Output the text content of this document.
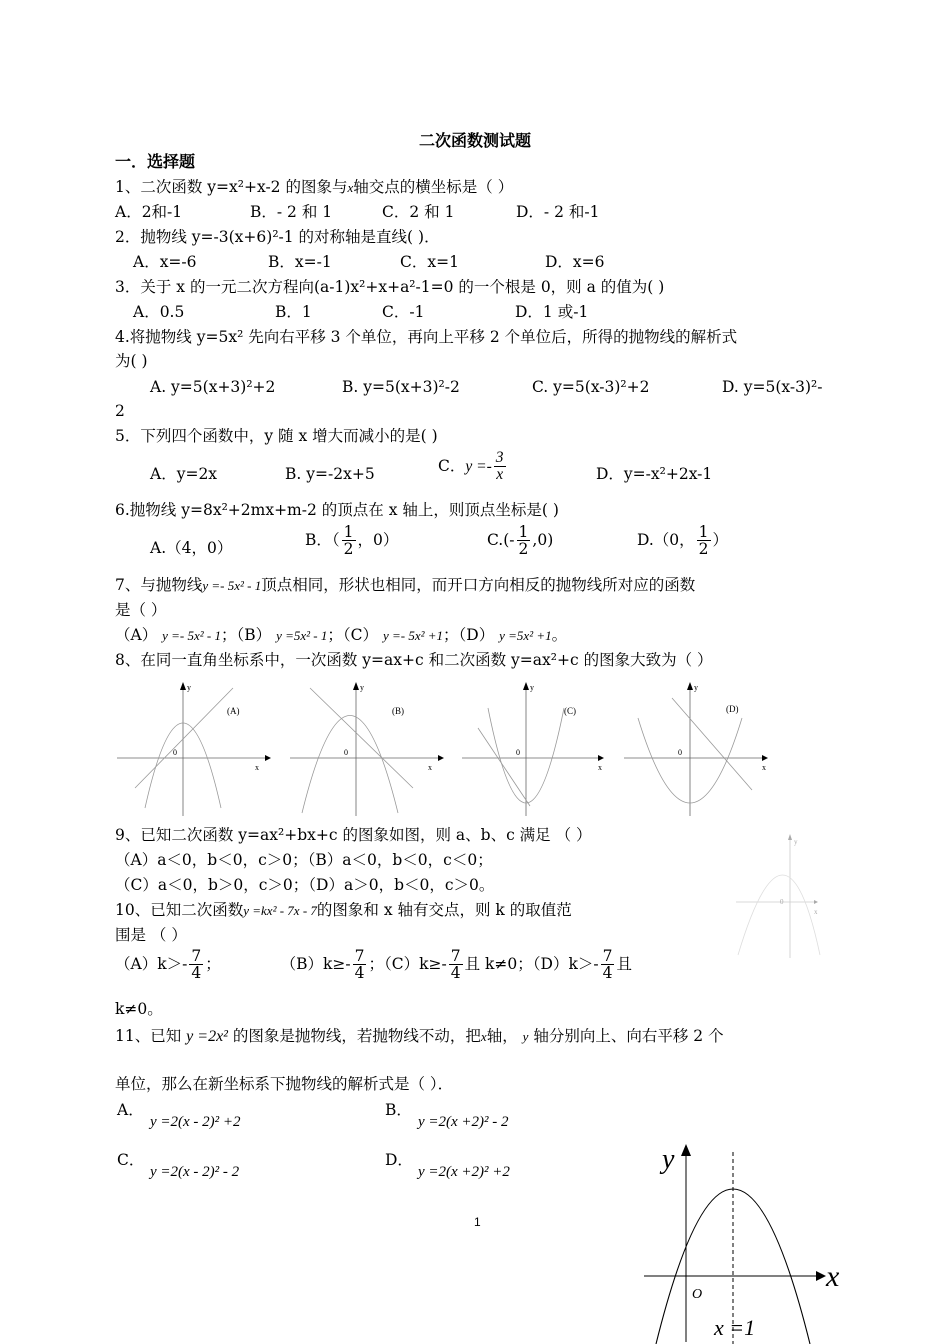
二次函数测试题
一．选择题
1、二次函数 y=x²+x-2 的图象与x轴交点的横坐标是（ ）
A．2和-1	B．- 2 和 1	C．2 和 1	D．- 2 和-1
2．抛物线 y=-3(x+6)²-1 的对称轴是直线( )．
A．x=-6	B．x=-1	C．x=1	D．x=6
3．关于 x 的一元二次方程向(a-1)x²+x+a²-1=0 的一个根是 0，则 a 的值为( )
A．0.5	B．1	C．-1	D．1 或-1
4.将抛物线 y=5x² 先向右平移 3 个单位，再向上平移 2 个单位后，所得的抛物线的解析式
为( )
A. y=5(x+3)²+2	B. y=5(x+3)²-2	C. y=5(x-3)²+2	D. y=5(x-3)²-
2
5．下列四个函数中，y 随 x 增大而减小的是( )
A．y=2x	B. y=-2x+5	C．$y =- \frac{3}{x}$	D．y=-x²+2x-1
6.抛物线 y=8x²+2mx+m-2 的顶点在 x 轴上，则顶点坐标是( )
A.（4，0）	B．（ $\frac{1}{2}$ ，0）	$C.(- \frac{1}{2} ,0)$	D.（0， $\frac{1}{2}$ ）
7、与抛物线y =- 5x² - 1顶点相同，形状也相同，而开口方向相反的抛物线所对应的函数
是（ ）
（A） y =- 5x² - 1；（B） y =5x² - 1；（C） y =- 5x² +1；（D） y =5x² +1。
8、在同一直角坐标系中，一次函数 y=ax+c 和二次函数 y=ax²+c 的图象大致为（ ）
(A)
y
x
0
(B)
y
x
0
(C)
y
x
0
(D)
y
x
0
9、已知二次函数 y=ax²+bx+c 的图象如图，则 a、b、c 满足 （ ）
（A）a＜0，b＜0，c＞0；（B）a＜0，b＜0，c＜0；
（C）a＜0，b＞0，c＞0；（D）a＞0，b＜0，c＞0。
y
x
0
10、已知二次函数y =kx² - 7x - 7的图象和 x 轴有交点，则 k 的取值范
围是 （ ）
$(A)k>- \frac{7}{4}$ ；	$(B)k\ge- \frac{7}{4}$ ；$(C)k\ge- \frac{7}{4}$ 且 k≠0；$(D)k>- \frac{7}{4}$ 且
k≠0。
11、已知 y =2x² 的图象是抛物线，若抛物线不动，把x轴， y 轴分别向上、向右平移 2 个
单位，那么在新坐标系下抛物线的解析式是（ ）．
A．
y =2(x - 2)² +2
B．
y =2(x +2)² - 2
C．
y =2(x - 2)² - 2
D．
y =2(x +2)² +2
1
y
x
O
x =1
